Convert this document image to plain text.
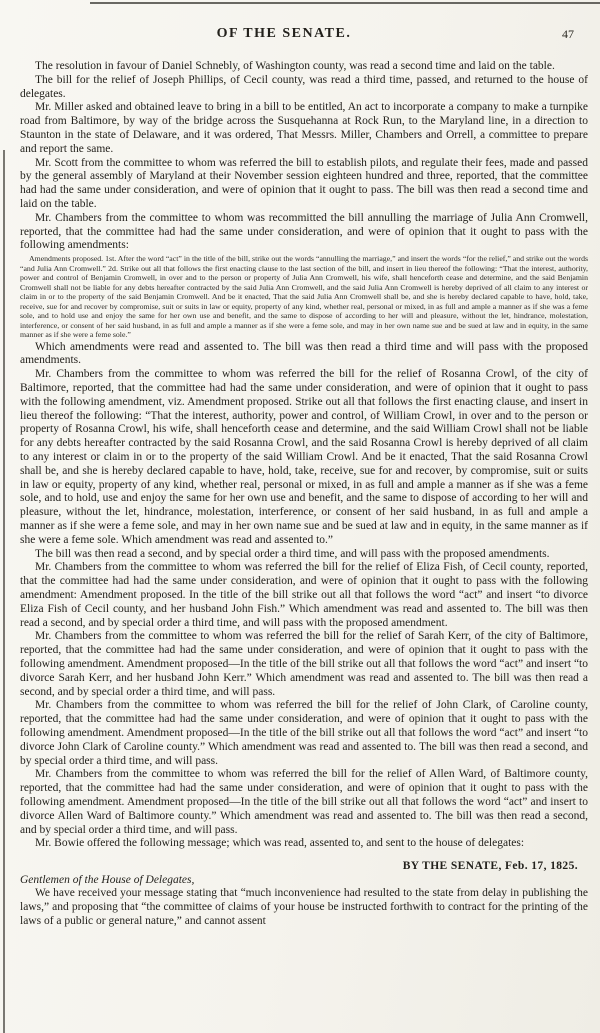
OF THE SENATE.	47

The resolution in favour of Daniel Schnebly, of Washington county, was read a second time and laid on the table.

The bill for the relief of Joseph Phillips, of Cecil county, was read a third time, passed, and returned to the house of delegates.

Mr. Miller asked and obtained leave to bring in a bill to be entitled, An act to incorporate a company to make a turnpike road from Baltimore, by way of the bridge across the Susquehanna at Rock Run, to the Maryland line, in a direction to Staunton in the state of Delaware, and it was ordered, That Messrs. Miller, Chambers and Orrell, a committee to prepare and report the same.

Mr. Scott from the committee to whom was referred the bill to establish pilots, and regulate their fees, made and passed by the general assembly of Maryland at their November session eighteen hundred and three, reported, that the committee had had the same under consideration, and were of opinion that it ought to pass. The bill was then read a second time and laid on the table.

Mr. Chambers from the committee to whom was recommitted the bill annulling the marriage of Julia Ann Cromwell, reported, that the committee had had the same under consideration, and were of opinion that it ought to pass with the following amendments:

Amendments proposed. 1st. After the word “act” in the title of the bill, strike out the words “annulling the marriage,” and insert the words “for the relief,” and strike out the words “and Julia Ann Cromwell.” 2d. Strike out all that follows the first enacting clause to the last section of the bill, and insert in lieu thereof the following: “That the interest, authority, power and control of Benjamin Cromwell, in over and to the person or property of Julia Ann Cromwell, his wife, shall henceforth cease and determine, and the said Benjamin Cromwell shall not be liable for any debts hereafter contracted by the said Julia Ann Cromwell, and the said Julia Ann Cromwell is hereby deprived of all claim to any interest or claim in or to the property of the said Benjamin Cromwell. And be it enacted, That the said Julia Ann Cromwell shall be, and she is hereby declared capable to have, hold, take, receive, sue for and recover by compromise, suit or suits in law or equity, property of any kind, whether real, personal or mixed, in as full and ample a manner as if she was a feme sole, and to hold use and enjoy the same for her own use and benefit, and the same to dispose of according to her will and pleasure, without the let, hindrance, molestation, interference, or consent of her said husband, in as full and ample a manner as if she were a feme sole, and may in her own name sue and be sued at law and in equity, in the same manner as if she were a feme sole.”

Which amendments were read and assented to. The bill was then read a third time and will pass with the proposed amendments.

Mr. Chambers from the committee to whom was referred the bill for the relief of Rosanna Crowl, of the city of Baltimore, reported, that the committee had had the same under consideration, and were of opinion that it ought to pass with the following amendment, viz. Amendment proposed. Strike out all that follows the first enacting clause, and insert in lieu thereof the following: “That the interest, authority, power and control, of William Crowl, in over and to the person or property of Rosanna Crowl, his wife, shall henceforth cease and determine, and the said William Crowl shall not be liable for any debts hereafter contracted by the said Rosanna Crowl, and the said Rosanna Crowl is hereby deprived of all claim to any interest or claim in or to the property of the said William Crowl. And be it enacted, That the said Rosanna Crowl shall be, and she is hereby declared capable to have, hold, take, receive, sue for and recover, by compromise, suit or suits in law or equity, property of any kind, whether real, personal or mixed, in as full and ample a manner as if she was a feme sole, and to hold, use and enjoy the same for her own use and benefit, and the same to dispose of according to her will and pleasure, without the let, hindrance, molestation, interference, or consent of her said husband, in as full and ample a manner as if she were a feme sole, and may in her own name sue and be sued at law and in equity, in the same manner as if she were a feme sole. Which amendment was read and assented to.”

The bill was then read a second, and by special order a third time, and will pass with the proposed amendments.

Mr. Chambers from the committee to whom was referred the bill for the relief of Eliza Fish, of Cecil county, reported, that the committee had had the same under consideration, and were of opinion that it ought to pass with the following amendment: Amendment proposed. In the title of the bill strike out all that follows the word “act” and insert “to divorce Eliza Fish of Cecil county, and her husband John Fish.” Which amendment was read and assented to. The bill was then read a second, and by special order a third time, and will pass with the proposed amendment.

Mr. Chambers from the committee to whom was referred the bill for the relief of Sarah Kerr, of the city of Baltimore, reported, that the committee had had the same under consideration, and were of opinion that it ought to pass with the following amendment. Amendment proposed—In the title of the bill strike out all that follows the word “act” and insert “to divorce Sarah Kerr, and her husband John Kerr.” Which amendment was read and assented to. The bill was then read a second, and by special order a third time, and will pass.

Mr. Chambers from the committee to whom was referred the bill for the relief of John Clark, of Caroline county, reported, that the committee had had the same under consideration, and were of opinion that it ought to pass with the following amendment. Amendment proposed—In the title of the bill strike out all that follows the word “act” and insert “to divorce John Clark of Caroline county.” Which amendment was read and assented to. The bill was then read a second, and by special order a third time, and will pass.

Mr. Chambers from the committee to whom was referred the bill for the relief of Allen Ward, of Baltimore county, reported, that the committee had had the same under consideration, and were of opinion that it ought to pass with the following amendment. Amendment proposed—In the title of the bill strike out all that follows the word “act” and insert to divorce Allen Ward of Baltimore county.” Which amendment was read and assented to. The bill was then read a second, and by special order a third time, and will pass.

Mr. Bowie offered the following message; which was read, assented to, and sent to the house of delegates:

BY THE SENATE, Feb. 17, 1825.

Gentlemen of the House of Delegates,

We have received your message stating that “much inconvenience had resulted to the state from delay in publishing the laws,” and proposing that “the committee of claims of your house be instructed forthwith to contract for the printing of the laws of a public or general nature,” and cannot assent
